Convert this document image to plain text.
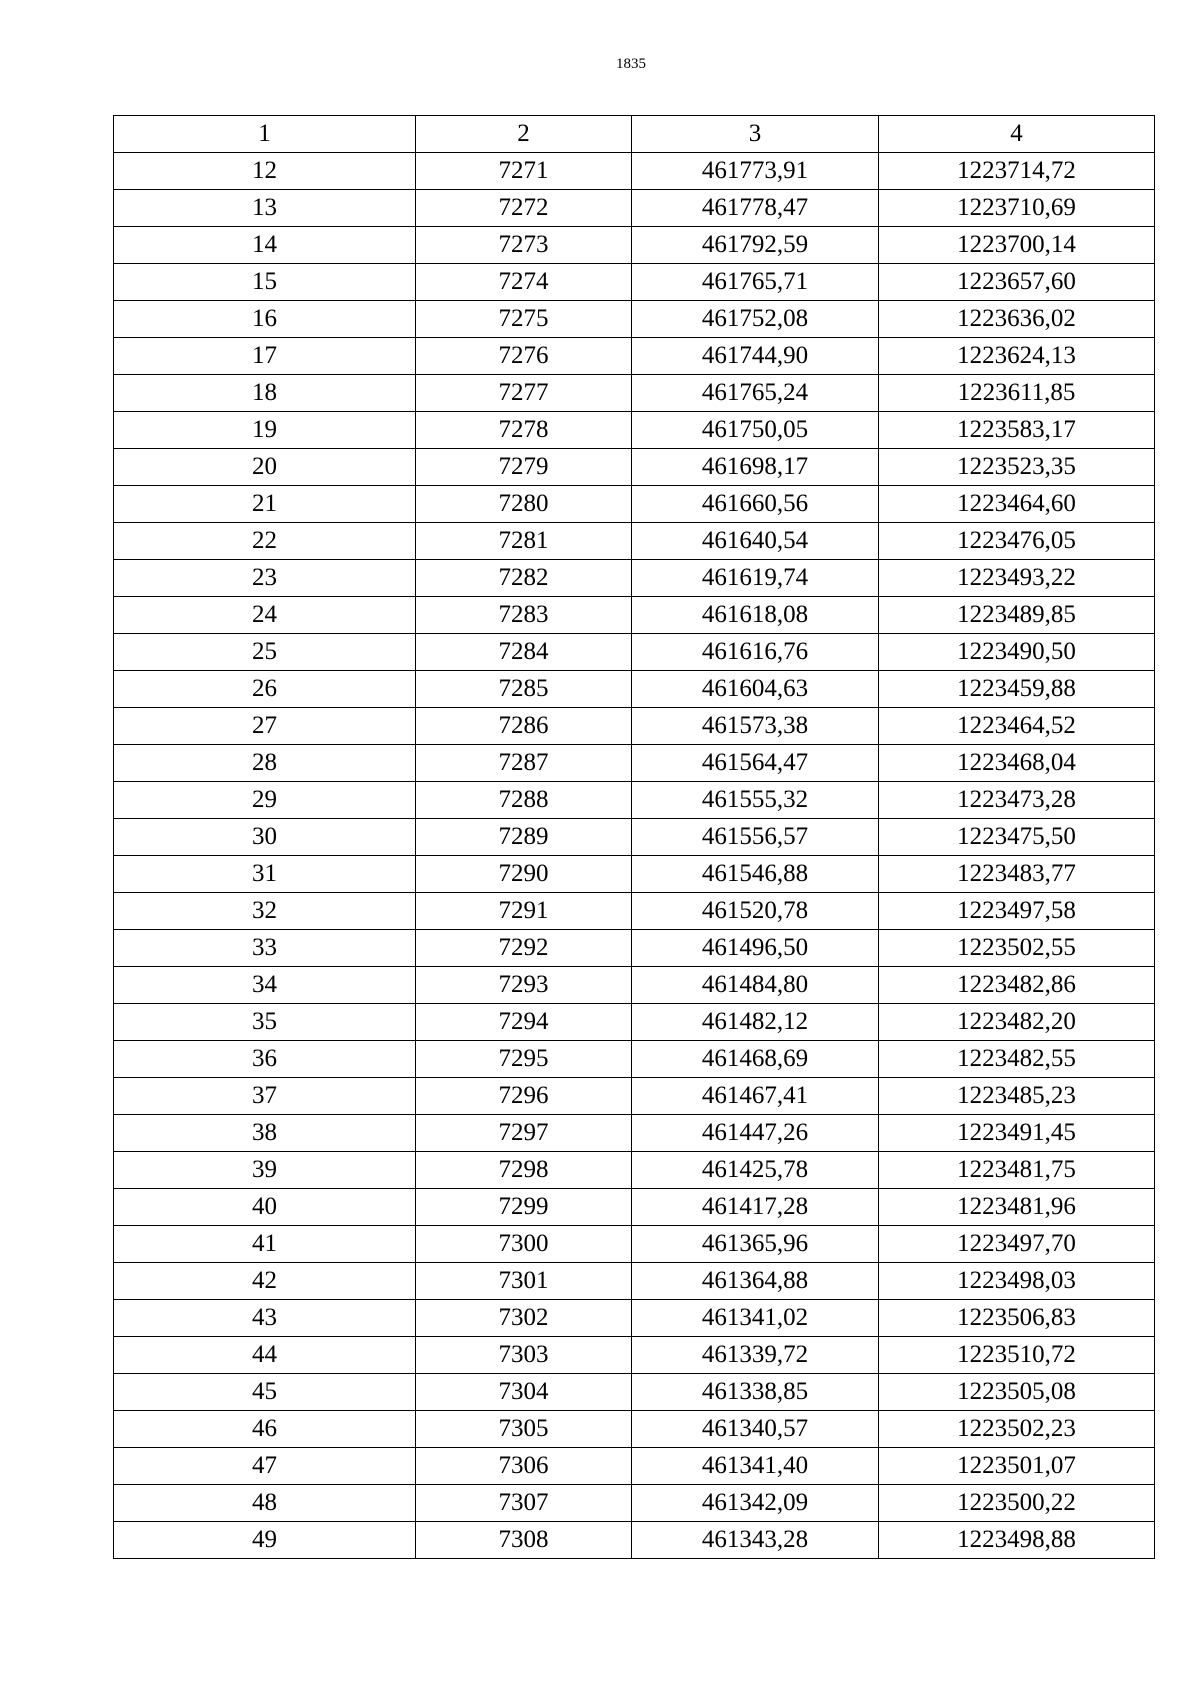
1835
1	2	3	4
12	7271	461773,91	1223714,72
13	7272	461778,47	1223710,69
14	7273	461792,59	1223700,14
15	7274	461765,71	1223657,60
16	7275	461752,08	1223636,02
17	7276	461744,90	1223624,13
18	7277	461765,24	1223611,85
19	7278	461750,05	1223583,17
20	7279	461698,17	1223523,35
21	7280	461660,56	1223464,60
22	7281	461640,54	1223476,05
23	7282	461619,74	1223493,22
24	7283	461618,08	1223489,85
25	7284	461616,76	1223490,50
26	7285	461604,63	1223459,88
27	7286	461573,38	1223464,52
28	7287	461564,47	1223468,04
29	7288	461555,32	1223473,28
30	7289	461556,57	1223475,50
31	7290	461546,88	1223483,77
32	7291	461520,78	1223497,58
33	7292	461496,50	1223502,55
34	7293	461484,80	1223482,86
35	7294	461482,12	1223482,20
36	7295	461468,69	1223482,55
37	7296	461467,41	1223485,23
38	7297	461447,26	1223491,45
39	7298	461425,78	1223481,75
40	7299	461417,28	1223481,96
41	7300	461365,96	1223497,70
42	7301	461364,88	1223498,03
43	7302	461341,02	1223506,83
44	7303	461339,72	1223510,72
45	7304	461338,85	1223505,08
46	7305	461340,57	1223502,23
47	7306	461341,40	1223501,07
48	7307	461342,09	1223500,22
49	7308	461343,28	1223498,88
